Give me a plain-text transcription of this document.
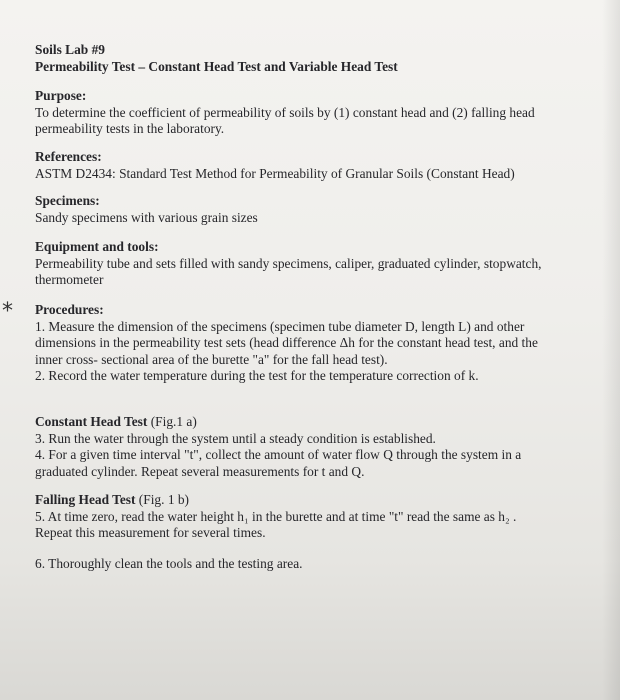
Soils Lab #9
Permeability Test – Constant Head Test and Variable Head Test
Purpose:
To determine the coefficient of permeability of soils by (1) constant head and (2) falling head
permeability tests in the laboratory.
References:
ASTM D2434: Standard Test Method for Permeability of Granular Soils (Constant Head)
Specimens:
Sandy specimens with various grain sizes
Equipment and tools:
Permeability tube and sets filled with sandy specimens, caliper, graduated cylinder, stopwatch,
thermometer
* Procedures:
1. Measure the dimension of the specimens (specimen tube diameter D, length L) and other
dimensions in the permeability test sets (head difference Δh for the constant head test, and the
inner cross- sectional area of the burette "a" for the fall head test).
2. Record the water temperature during the test for the temperature correction of k.
Constant Head Test (Fig.1 a)
3. Run the water through the system until a steady condition is established.
4. For a given time interval "t", collect the amount of water flow Q through the system in a
graduated cylinder. Repeat several measurements for t and Q.
Falling Head Test (Fig. 1 b)
5. At time zero, read the water height h₁ in the burette and at time "t" read the same as h₂ .
Repeat this measurement for several times.
6. Thoroughly clean the tools and the testing area.
